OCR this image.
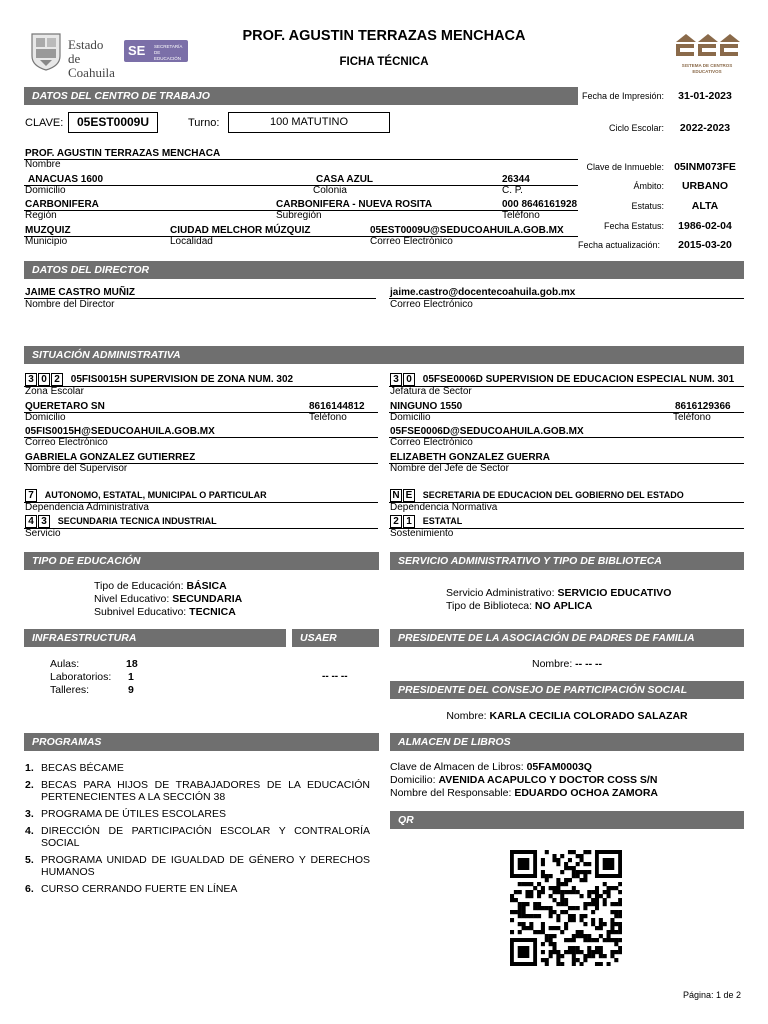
Estado
de Coahuila
SE SECRETARÍA DE EDUCACIÓN
PROF. AGUSTIN TERRAZAS MENCHACA
FICHA TÉCNICA	SISTEMA DE CENTROS EDUCATIVOS
DATOS DEL CENTRO DE TRABAJO
CLAVE:	05EST0009U	Turno:	100 MATUTINO
PROF. AGUSTIN TERRAZAS MENCHACA
Nombre
ANACUAS 1600	CASA AZUL	26344
Domicilio	Colonia	C. P.
CARBONIFERA	CARBONIFERA - NUEVA ROSITA	000 8646161928
Región	Subregión	Teléfono
MUZQUIZ	CIUDAD MELCHOR MÚZQUIZ	05EST0009U@SEDUCOAHUILA.GOB.MX
Municipio	Localidad	Correo Electrónico
Fecha de Impresión:	31-01-2023
Ciclo Escolar:	2022-2023
Clave de Inmueble: 05INM073FE
Ámbito:	URBANO
Estatus:	ALTA
Fecha Estatus:	1986-02-04
Fecha actualización:	2015-03-20
DATOS DEL DIRECTOR
JAIME CASTRO MUÑIZ
Nombre del Director
jaime.castro@docentecoahuila.gob.mx
Correo Electrónico
SITUACIÓN ADMINISTRATIVA
3 0 2 05FIS0015H SUPERVISION DE ZONA NUM. 302
Zona Escolar
QUERETARO SN	8616144812
Domicilio	Teléfono
05FIS0015H@SEDUCOAHUILA.GOB.MX
Correo Electrónico
GABRIELA GONZALEZ GUTIERREZ
Nombre del Supervisor
7 AUTONOMO, ESTATAL, MUNICIPAL O PARTICULAR
Dependencia Administrativa
4 3 SECUNDARIA TECNICA INDUSTRIAL
Servicio
3 0 05FSE0006D SUPERVISION DE EDUCACION ESPECIAL NUM. 301
Jefatura de Sector
NINGUNO 1550	8616129366
Domicilio	Teléfono
05FSE0006D@SEDUCOAHUILA.GOB.MX
Correo Electrónico
ELIZABETH GONZALEZ GUERRA
Nombre del Jefe de Sector
N E SECRETARIA DE EDUCACION DEL GOBIERNO DEL ESTADO
Dependencia Normativa
2 1 ESTATAL
Sostenimiento
TIPO DE EDUCACIÓN
Tipo de Educación: BÁSICA
Nivel Educativo: SECUNDARIA
Subnivel Educativo: TECNICA
SERVICIO ADMINISTRATIVO Y TIPO DE BIBLIOTECA
Servicio Administrativo: SERVICIO EDUCATIVO
Tipo de Biblioteca: NO APLICA
INFRAESTRUCTURA
Aulas:	18
Laboratorios:	1
Talleres:	9
USAER
-- -- --
PRESIDENTE DE LA ASOCIACIÓN DE PADRES DE FAMILIA
Nombre: -- -- --
PRESIDENTE DEL CONSEJO DE PARTICIPACIÓN SOCIAL
Nombre: KARLA CECILIA COLORADO SALAZAR
PROGRAMAS
1. BECAS BÉCAME
2. BECAS PARA HIJOS DE TRABAJADORES DE LA EDUCACIÓN PERTENECIENTES A LA SECCIÓN 38
3. PROGRAMA DE ÚTILES ESCOLARES
4. DIRECCIÓN DE PARTICIPACIÓN ESCOLAR Y CONTRALORÍA SOCIAL
5. PROGRAMA UNIDAD DE IGUALDAD DE GÉNERO Y DERECHOS HUMANOS
6. CURSO CERRANDO FUERTE EN LÍNEA
ALMACEN DE LIBROS
Clave de Almacen de Libros: 05FAM0003Q
Domicilio: AVENIDA ACAPULCO Y DOCTOR COSS S/N
Nombre del Responsable: EDUARDO OCHOA ZAMORA
QR
Página: 1 de 2
